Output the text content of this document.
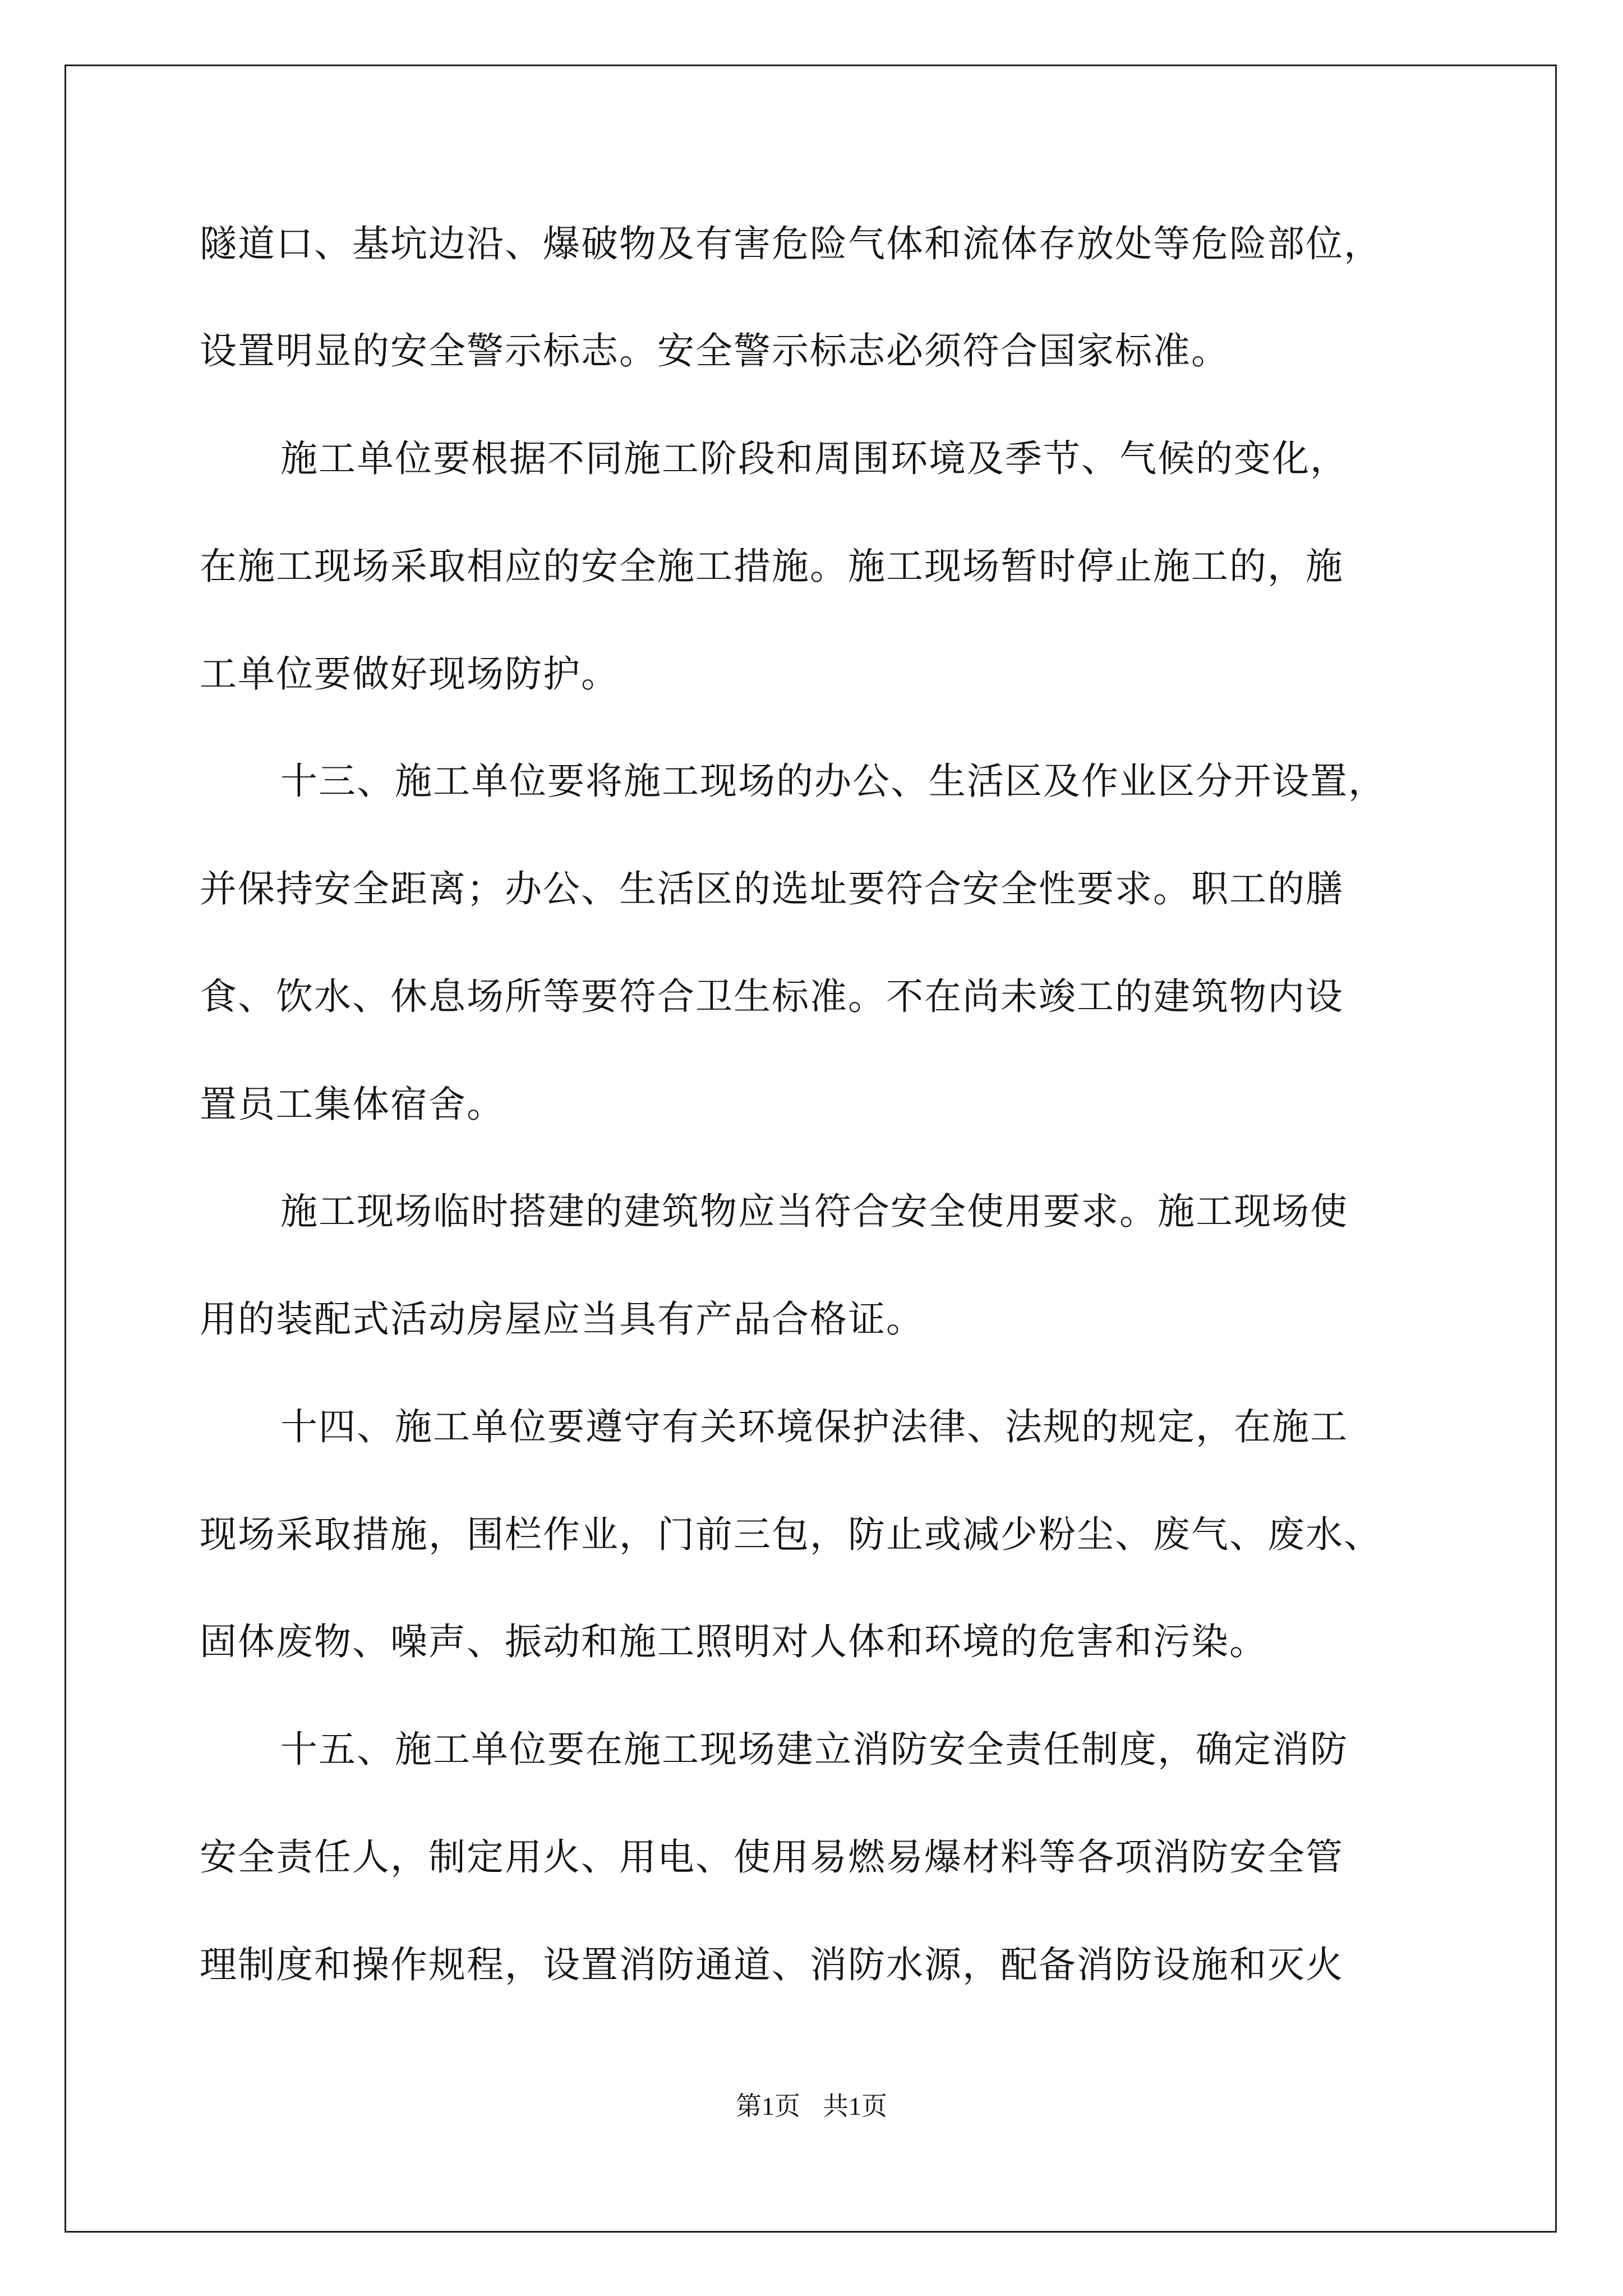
隧道口、基坑边沿、爆破物及有害危险气体和流体存放处等危险部位，
设置明显的安全警示标志。安全警示标志必须符合国家标准。
施工单位要根据不同施工阶段和周围环境及季节、气候的变化，
在施工现场采取相应的安全施工措施。施工现场暂时停止施工的，施
工单位要做好现场防护。
十三、施工单位要将施工现场的办公、生活区及作业区分开设置，
并保持安全距离；办公、生活区的选址要符合安全性要求。职工的膳
食、饮水、休息场所等要符合卫生标准。不在尚未竣工的建筑物内设
置员工集体宿舍。
施工现场临时搭建的建筑物应当符合安全使用要求。施工现场使
用的装配式活动房屋应当具有产品合格证。
十四、施工单位要遵守有关环境保护法律、法规的规定，在施工
现场采取措施，围栏作业，门前三包，防止或减少粉尘、废气、废水、
固体废物、噪声、振动和施工照明对人体和环境的危害和污染。
十五、施工单位要在施工现场建立消防安全责任制度，确定消防
安全责任人，制定用火、用电、使用易燃易爆材料等各项消防安全管
理制度和操作规程，设置消防通道、消防水源，配备消防设施和灭火
第1页 共1页
